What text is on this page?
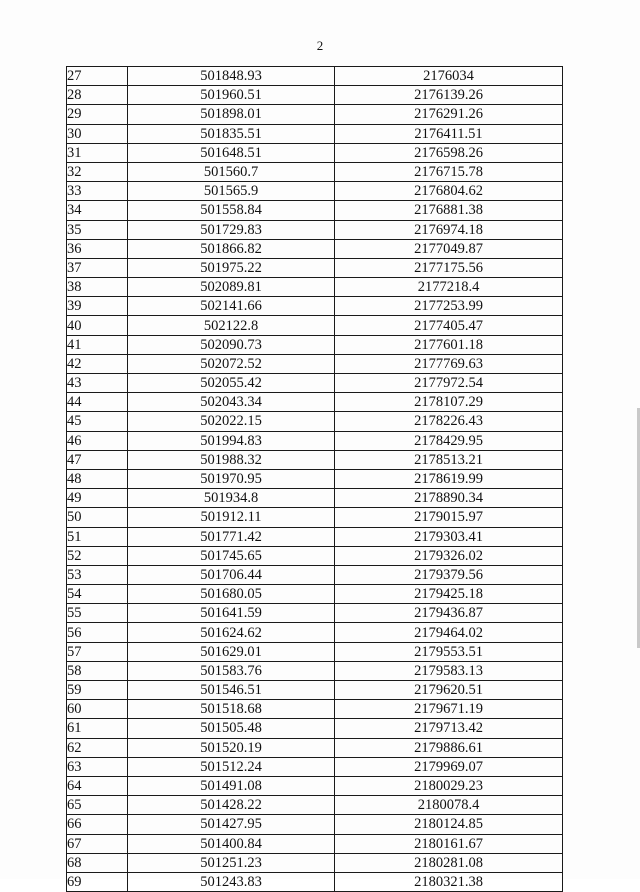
2
27	501848.93	2176034
28	501960.51	2176139.26
29	501898.01	2176291.26
30	501835.51	2176411.51
31	501648.51	2176598.26
32	501560.7	2176715.78
33	501565.9	2176804.62
34	501558.84	2176881.38
35	501729.83	2176974.18
36	501866.82	2177049.87
37	501975.22	2177175.56
38	502089.81	2177218.4
39	502141.66	2177253.99
40	502122.8	2177405.47
41	502090.73	2177601.18
42	502072.52	2177769.63
43	502055.42	2177972.54
44	502043.34	2178107.29
45	502022.15	2178226.43
46	501994.83	2178429.95
47	501988.32	2178513.21
48	501970.95	2178619.99
49	501934.8	2178890.34
50	501912.11	2179015.97
51	501771.42	2179303.41
52	501745.65	2179326.02
53	501706.44	2179379.56
54	501680.05	2179425.18
55	501641.59	2179436.87
56	501624.62	2179464.02
57	501629.01	2179553.51
58	501583.76	2179583.13
59	501546.51	2179620.51
60	501518.68	2179671.19
61	501505.48	2179713.42
62	501520.19	2179886.61
63	501512.24	2179969.07
64	501491.08	2180029.23
65	501428.22	2180078.4
66	501427.95	2180124.85
67	501400.84	2180161.67
68	501251.23	2180281.08
69	501243.83	2180321.38
